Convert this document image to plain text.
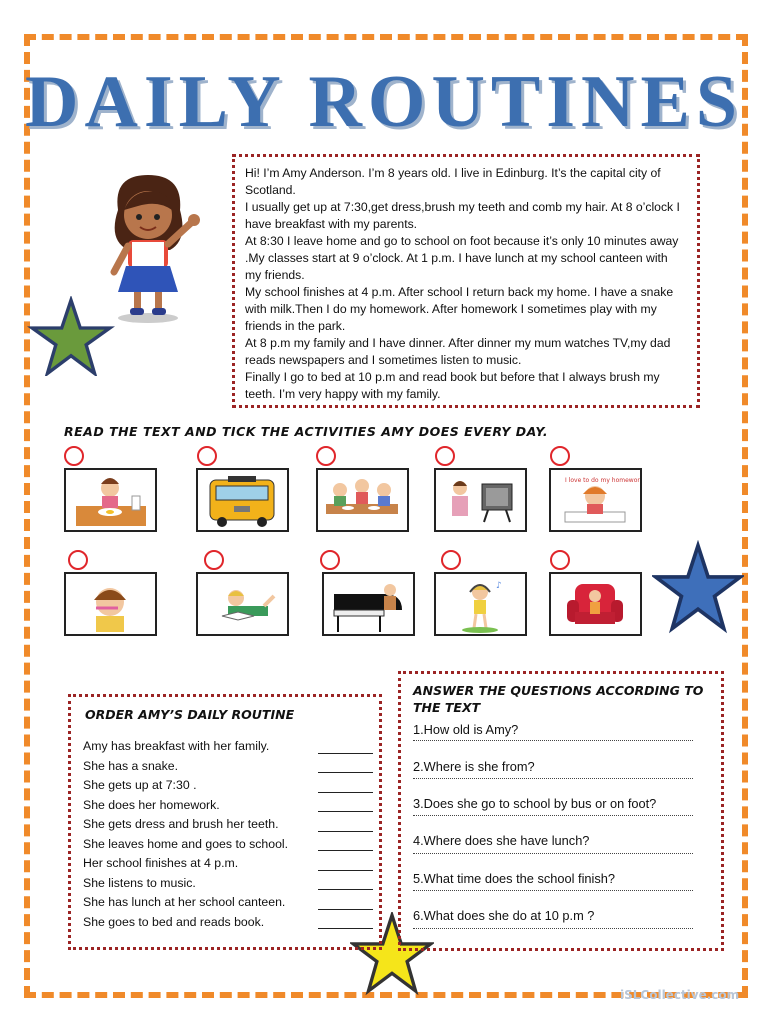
DAILY ROUTINES

Hi! I’m Amy Anderson. I’m 8 years old. I live in Edinburg. It’s the capital city of Scotland.

I usually get up at 7:30,get dress,brush my teeth and comb my hair. At 8 o’clock I have breakfast with my parents.

At 8:30 I leave home and go to school on foot because it’s only 10 minutes away .My classes start at 9 o’clock. At 1 p.m. I have lunch at my school canteen with my friends.

My school finishes at 4 p.m. After school I return back my home. I have a snake with milk.Then I do my homework. After homework I sometimes play with my friends in the park.

At 8 p.m my family and I have dinner. After dinner my mum watches TV,my dad reads newspapers and I sometimes listen to music.

Finally I go to bed at 10 p.m and read book but before that I always brush my teeth. I’m very happy with my family.

READ THE TEXT AND TICK THE ACTIVITIES AMY DOES EVERY DAY.
I love to do my homework
♪
ORDER AMY’S DAILY ROUTINE
Amy has breakfast with her family.
She has a snake.
She gets up at 7:30 .
She does her homework.
She gets dress and brush her teeth.
She leaves home and goes to school.
Her school finishes at 4 p.m.
She listens to music.
She has lunch at her school canteen.
She goes to bed and reads book.
ANSWER THE QUESTIONS ACCORDING TO THE TEXT
1.How old is Amy?
2.Where is she from?
3.Does she go to school by bus or on foot?
4.Where does she have lunch?
5.What time does the school finish?
6.What does she do at 10 p.m ?
iSLCollective.com
